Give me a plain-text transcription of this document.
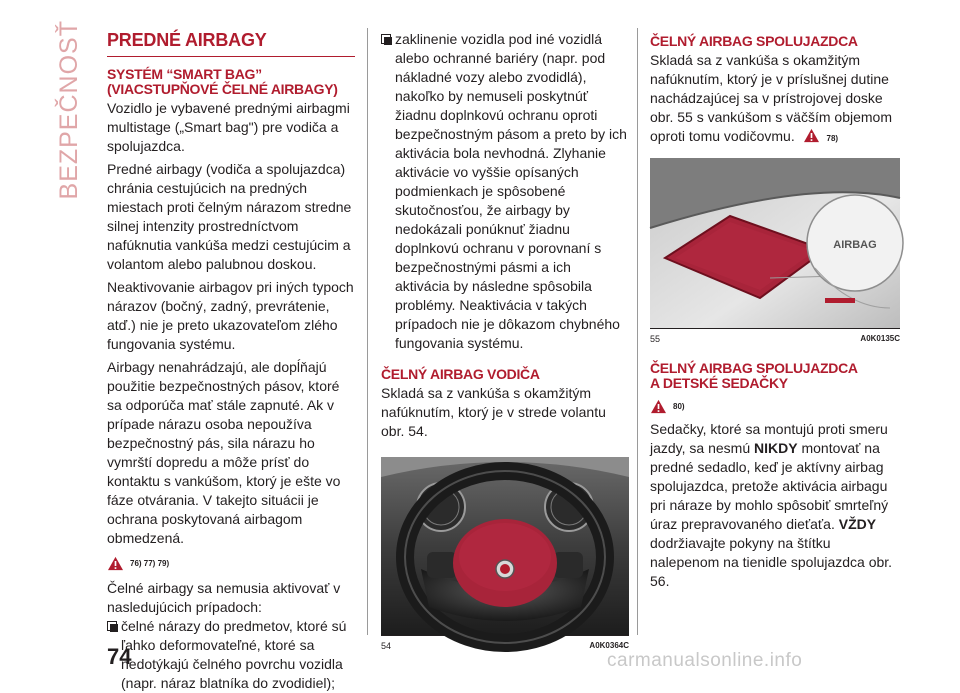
BEZPEČNOSŤ PREDNÉ AIRBAGY
SYSTÉM “SMART BAG”
(VIACSTUPŇOVÉ ČELNÉ AIRBAGY)
Vozidlo je vybavené prednými airbagmi multistage („Smart bag") pre vodiča a spolujazdca.
Predné airbagy (vodiča a spolujazdca) chránia cestujúcich na predných miestach proti čelným nárazom stredne silnej intenzity prostredníctvom nafúknutia vankúša medzi cestujúcim a volantom alebo palubnou doskou.
Neaktivovanie airbagov pri iných typoch nárazov (bočný, zadný, prevrátenie, atď.) nie je preto ukazovateľom zlého fungovania systému.
Airbagy nenahrádzajú, ale dopĺňajú použitie bezpečnostných pásov, ktoré sa odporúča mať stále zapnuté. Ak v prípade nárazu osoba nepoužíva bezpečnostný pás, sila nárazu ho vymrští dopredu a môže prísť do kontaktu s vankúšom, ktorý je ešte vo fáze otvárania. V takejto situácii je ochrana poskytovaná airbagom obmedzená.
76) 77) 79)
Čelné airbagy sa nemusia aktivovať v nasledujúcich prípadoch:
čelné nárazy do predmetov, ktoré sú ľahko deformovateľné, ktoré sa nedotýkajú čelného povrchu vozidla (napr. náraz blatníka do zvodidiel);
zaklinenie vozidla pod iné vozidlá alebo ochranné bariéry (napr. pod nákladné vozy alebo zvodidlá), nakoľko by nemuseli poskytnúť žiadnu doplnkovú ochranu oproti bezpečnostným pásom a preto by ich aktivácia bola nevhodná. Zlyhanie aktivácie vo vyššie opísaných podmienkach je spôsobené skutočnosťou, že airbagy by nedokázali ponúknuť žiadnu doplnkovú ochranu v porovnaní s bezpečnostnými pásmi a ich aktivácia by následne spôsobila problémy. Neaktivácia v takých prípadoch nie je dôkazom chybného fungovania systému.
ČELNÝ AIRBAG VODIČA
Skladá sa z vankúša s okamžitým nafúknutím, ktorý je v strede volantu obr. 54.
54	A0K0364C
ČELNÝ AIRBAG SPOLUJAZDCA
Skladá sa z vankúša s okamžitým nafúknutím, ktorý je v príslušnej dutine nachádzajúcej sa v prístrojovej doske obr. 55 s vankúšom s väčším objemom oproti tomu vodičovmu.	78)
AIRBAG
55	A0K0135C
ČELNÝ AIRBAG SPOLUJAZDCA
A DETSKÉ SEDAČKY
80)
Sedačky, ktoré sa montujú proti smeru jazdy, sa nesmú NIKDY montovať na predné sedadlo, keď je aktívny airbag spolujazdca, pretože aktivácia airbagu pri náraze by mohlo spôsobiť smrteľný úraz prepravovaného dieťaťa. VŽDY dodržiavajte pokyny na štítku nalepenom na tienidle spolujazdca obr. 56.
74	carmanualsonline.info
